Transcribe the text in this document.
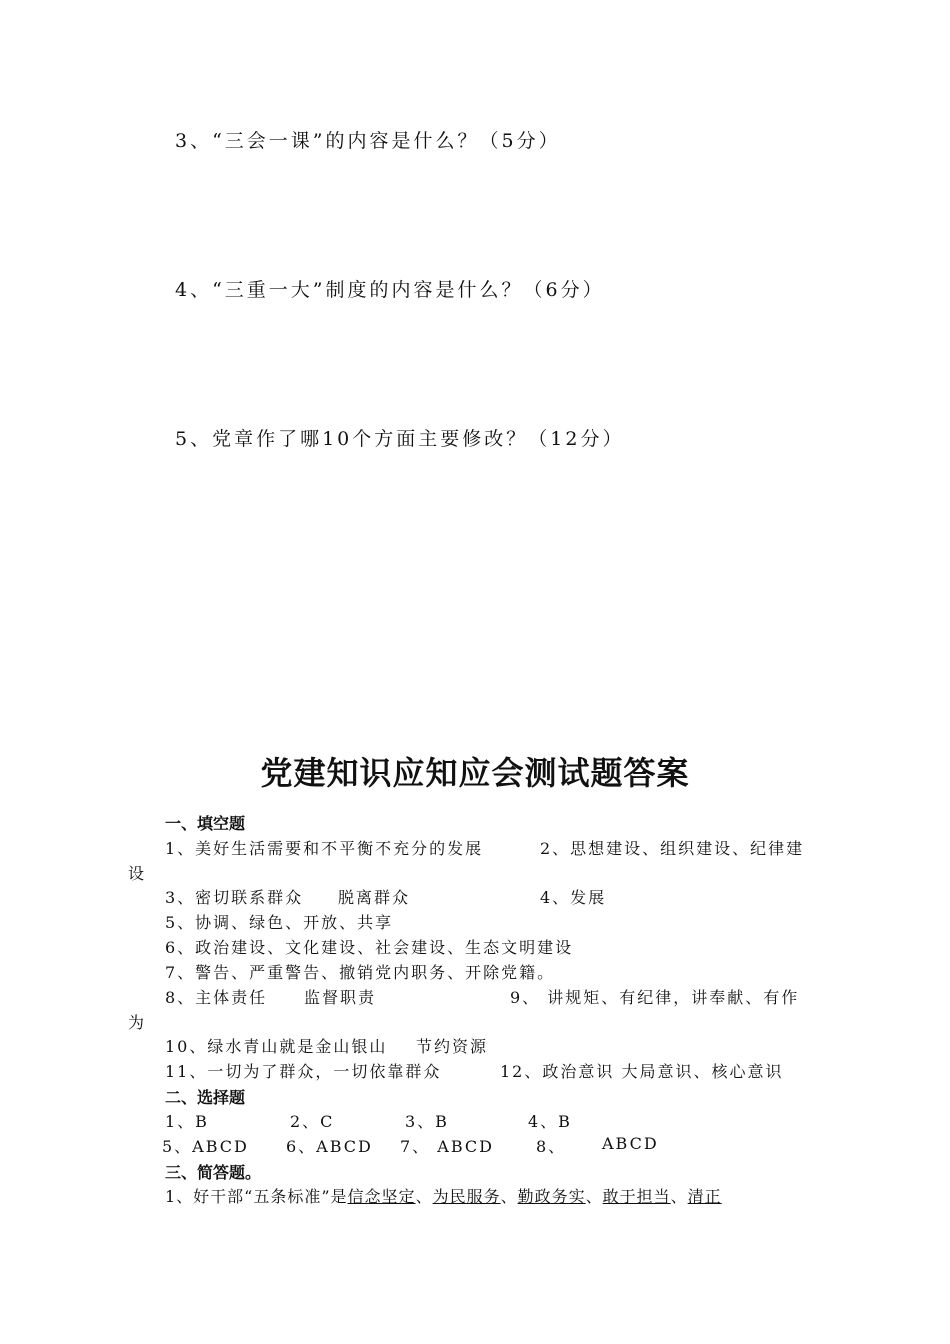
3、“三会一课”的内容是什么？（5分）
4、“三重一大”制度的内容是什么？（6分）
5、党章作了哪10个方面主要修改？（12分）
党建知识应知应会测试题答案
一、填空题
1、美好生活需要和不平衡不充分的发展	2、思想建设、组织建设、纪律建
设
3、密切联系群众 脱离群众	4、发展
5、协调、绿色、开放、共享
6、政治建设、文化建设、社会建设、生态文明建设
7、警告、严重警告、撤销党内职务、开除党籍。
8、主体责任 监督职责	9、 讲规矩、有纪律，讲奉献、有作
为
10、绿水青山就是金山银山 节约资源
11、一切为了群众，一切依靠群众	12、政治意识 大局意识、核心意识
二、选择题
1、B	2、C	3、B	4、B
5、ABCD 6、ABCD 7、 ABCD	8、 ABCD
三、简答题。
1、好干部“五条标准”是信念坚定、为民服务、勤政务实、敢于担当、清正
